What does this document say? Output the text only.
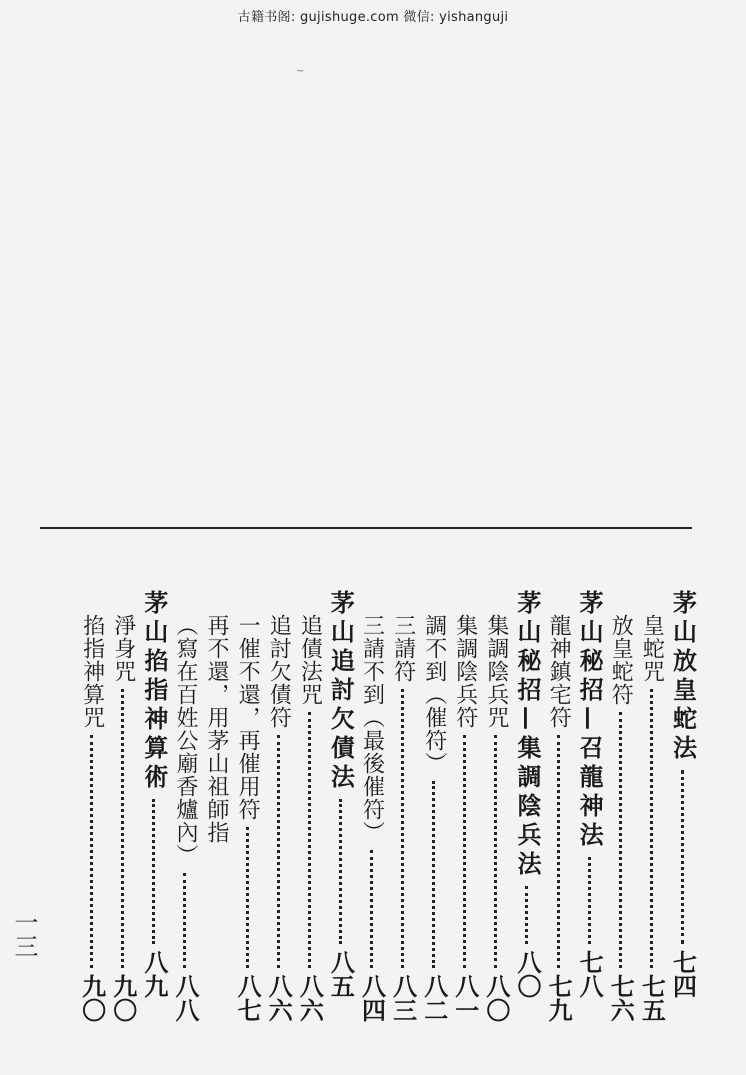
古籍书阁: gujishuge.com 微信: yishanguji
~
茅山放皇蛇法
七四
皇蛇咒
七五
放皇蛇符
七六
茅山秘招—召龍神法
七八
龍神鎮宅符
七九
茅山秘招—集調陰兵法
八〇
集調陰兵咒
八〇
集調陰兵符
八一
調不到（催符）
八二
三請符
八三
三請不到（最後催符）
八四
茅山追討欠債法
八五
追債法咒
八六
追討欠債符
八六
一催不還，再催用符
八七
再不還，用茅山祖師指
（寫在百姓公廟香爐內）
八八
茅山掐指神算術
八九
淨身咒
九〇
掐指神算咒
九〇
一三
